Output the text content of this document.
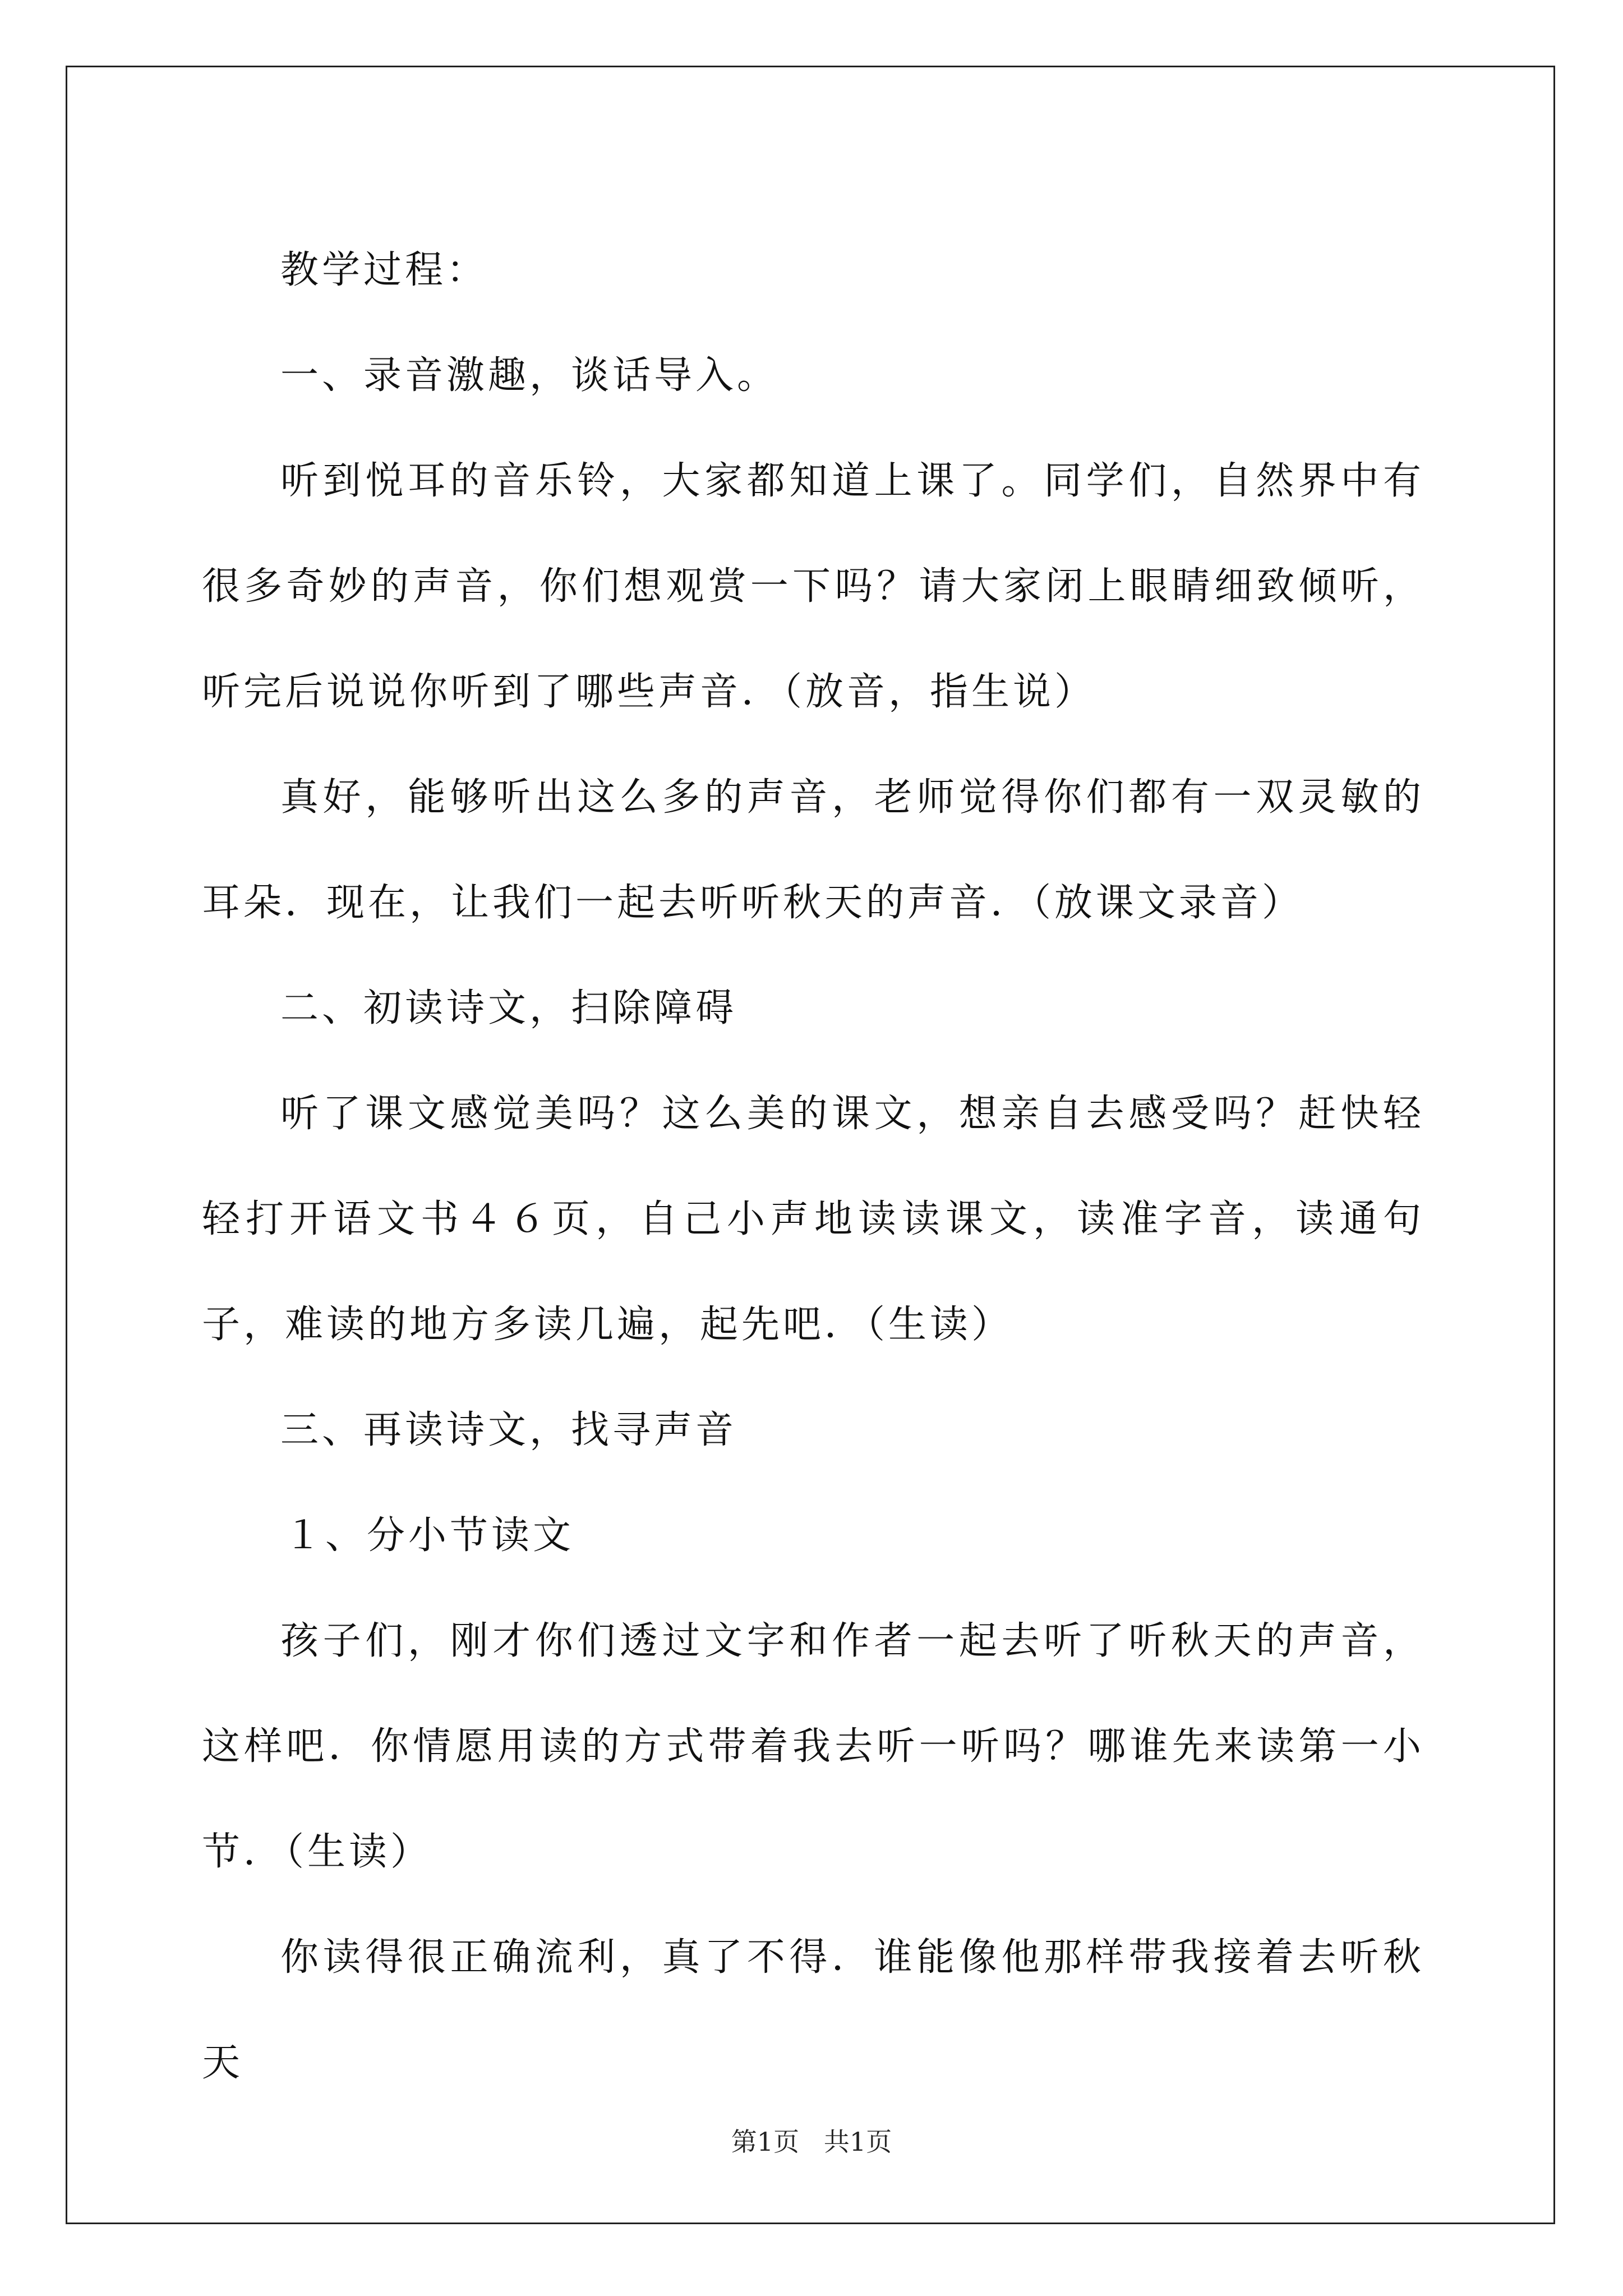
教学过程：

一、录音激趣，谈话导入。

听到悦耳的音乐铃，大家都知道上课了。同学们，自然界中有很多奇妙的声音，你们想观赏一下吗？请大家闭上眼睛细致倾听，听完后说说你听到了哪些声音．（放音，指生说）

真好，能够听出这么多的声音，老师觉得你们都有一双灵敏的耳朵．现在，让我们一起去听听秋天的声音．（放课文录音）

二、初读诗文，扫除障碍

听了课文感觉美吗？这么美的课文，想亲自去感受吗？赶快轻轻打开语文书４６页，自己小声地读读课文，读准字音，读通句子，难读的地方多读几遍，起先吧．（生读）

三、再读诗文，找寻声音

１、分小节读文

孩子们，刚才你们透过文字和作者一起去听了听秋天的声音，这样吧．你情愿用读的方式带着我去听一听吗？哪谁先来读第一小节．（生读）

你读得很正确流利，真了不得．谁能像他那样带我接着去听秋天

第1页   共1页
